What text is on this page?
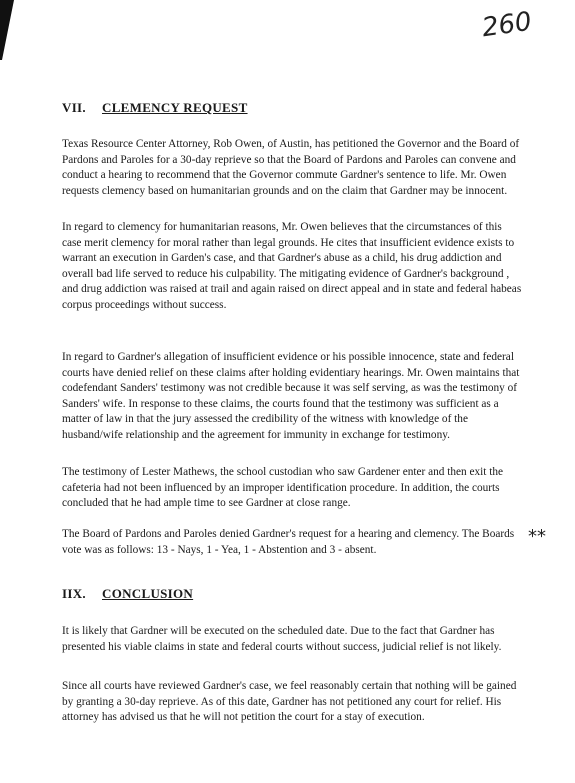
260
VII. CLEMENCY REQUEST

Texas Resource Center Attorney, Rob Owen, of Austin, has petitioned the Governor and the Board of Pardons and Paroles for a 30-day reprieve so that the Board of Pardons and Paroles can convene and conduct a hearing to recommend that the Governor commute Gardner's sentence to life. Mr. Owen requests clemency based on humanitarian grounds and on the claim that Gardner may be innocent.

In regard to clemency for humanitarian reasons, Mr. Owen believes that the circumstances of this case merit clemency for moral rather than legal grounds. He cites that insufficient evidence exists to warrant an execution in Garden's case, and that Gardner's abuse as a child, his drug addiction and overall bad life served to reduce his culpability. The mitigating evidence of Gardner's background , and drug addiction was raised at trail and again raised on direct appeal and in state and federal habeas corpus proceedings without success.

In regard to Gardner's allegation of insufficient evidence or his possible innocence, state and federal courts have denied relief on these claims after holding evidentiary hearings. Mr. Owen maintains that codefendant Sanders' testimony was not credible because it was self serving, as was the testimony of Sanders' wife. In response to these claims, the courts found that the testimony was sufficient as a matter of law in that the jury assessed the credibility of the witness with knowledge of the husband/wife relationship and the agreement for immunity in exchange for testimony.

The testimony of Lester Mathews, the school custodian who saw Gardener enter and then exit the cafeteria had not been influenced by an improper identification procedure. In addition, the courts concluded that he had ample time to see Gardner at close range.

The Board of Pardons and Paroles denied Gardner's request for a hearing and clemency. The Boards vote was as follows: 13 - Nays, 1 - Yea, 1 - Abstention and 3 - absent.

**
IIX. CONCLUSION

It is likely that Gardner will be executed on the scheduled date. Due to the fact that Gardner has presented his viable claims in state and federal courts without success, judicial relief is not likely.

Since all courts have reviewed Gardner's case, we feel reasonably certain that nothing will be gained by granting a 30-day reprieve. As of this date, Gardner has not petitioned any court for relief. His attorney has advised us that he will not petition the court for a stay of execution.
